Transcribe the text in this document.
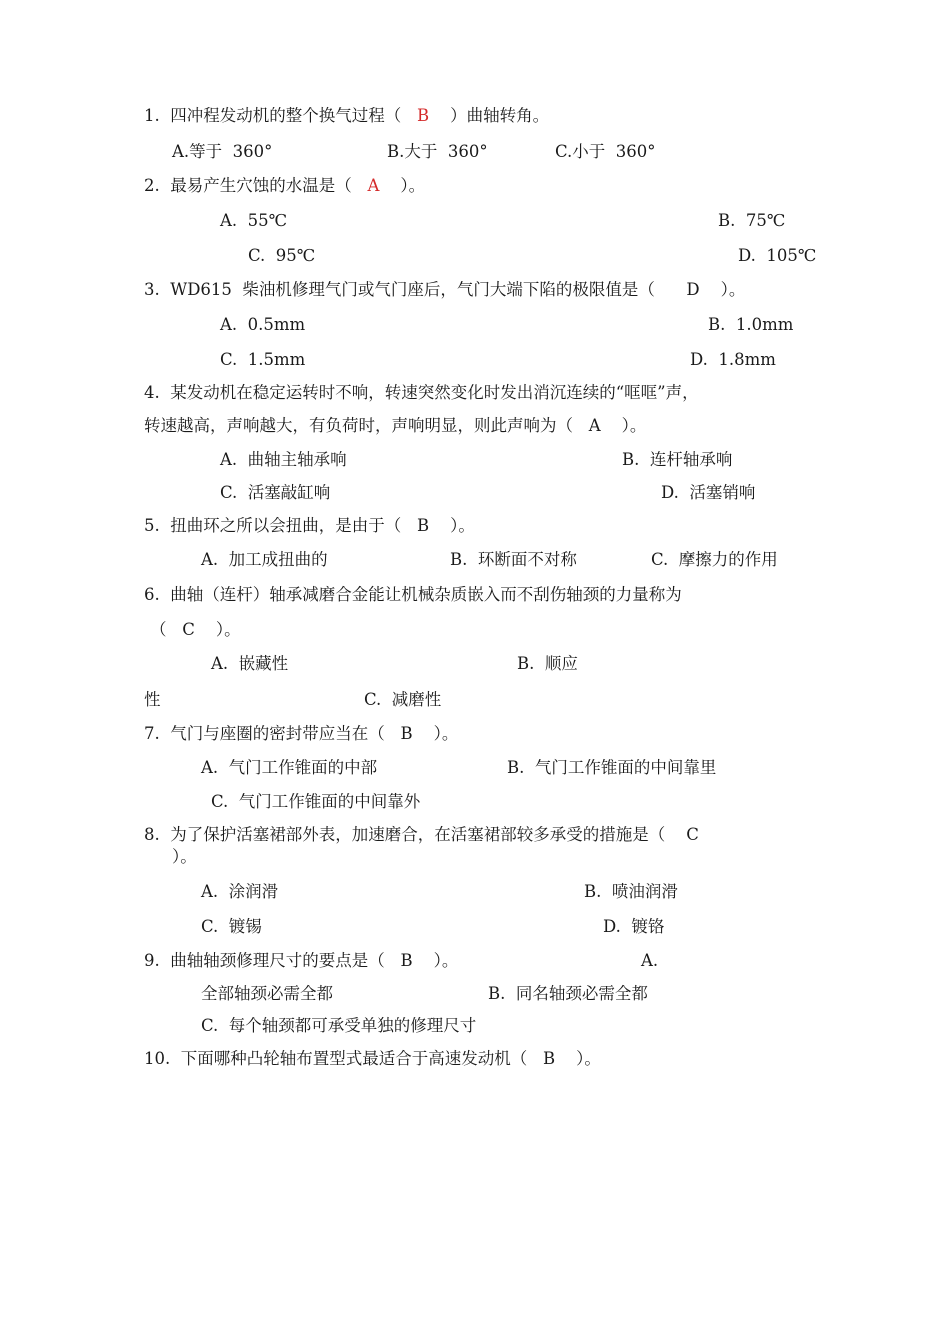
1.  四冲程发动机的整个换气过程（   B    ）曲轴转角。
A.等于  360°	B.大于  360°	C.小于  360°
2.  最易产生穴蚀的水温是（   A    ）。
A.  55℃	B.  75℃
C.  95℃	D.  105℃
3.  WD615  柴油机修理气门或气门座后，气门大端下陷的极限值是（      D    ）。
A.  0.5mm	B.  1.0mm
C.  1.5mm	D.  1.8mm
4.  某发动机在稳定运转时不响，转速突然变化时发出消沉连续的“哐哐”声，
转速越高，声响越大，有负荷时，声响明显，则此声响为（   A    ）。
A.  曲轴主轴承响	B.  连杆轴承响
C.  活塞敲缸响	D.  活塞销响
5.  扭曲环之所以会扭曲，是由于（   B    ）。
A.  加工成扭曲的	B.  环断面不对称	C.  摩擦力的作用
6.  曲轴（连杆）轴承减磨合金能让机械杂质嵌入而不刮伤轴颈的力量称为
（   C    ）。
A.  嵌藏性	B.  顺应
性	C.  减磨性
7.  气门与座圈的密封带应当在（   B    ）。
A.  气门工作锥面的中部	B.  气门工作锥面的中间靠里
C.  气门工作锥面的中间靠外
8.  为了保护活塞裙部外表，加速磨合，在活塞裙部较多承受的措施是（    C
）。
A.  涂润滑	B.  喷油润滑
C.  镀锡	D.  镀铬
9.  曲轴轴颈修理尺寸的要点是（   B    ）。	A.
全部轴颈必需全都	B.  同名轴颈必需全都
C.  每个轴颈都可承受单独的修理尺寸
10.  下面哪种凸轮轴布置型式最适合于高速发动机（   B    ）。
